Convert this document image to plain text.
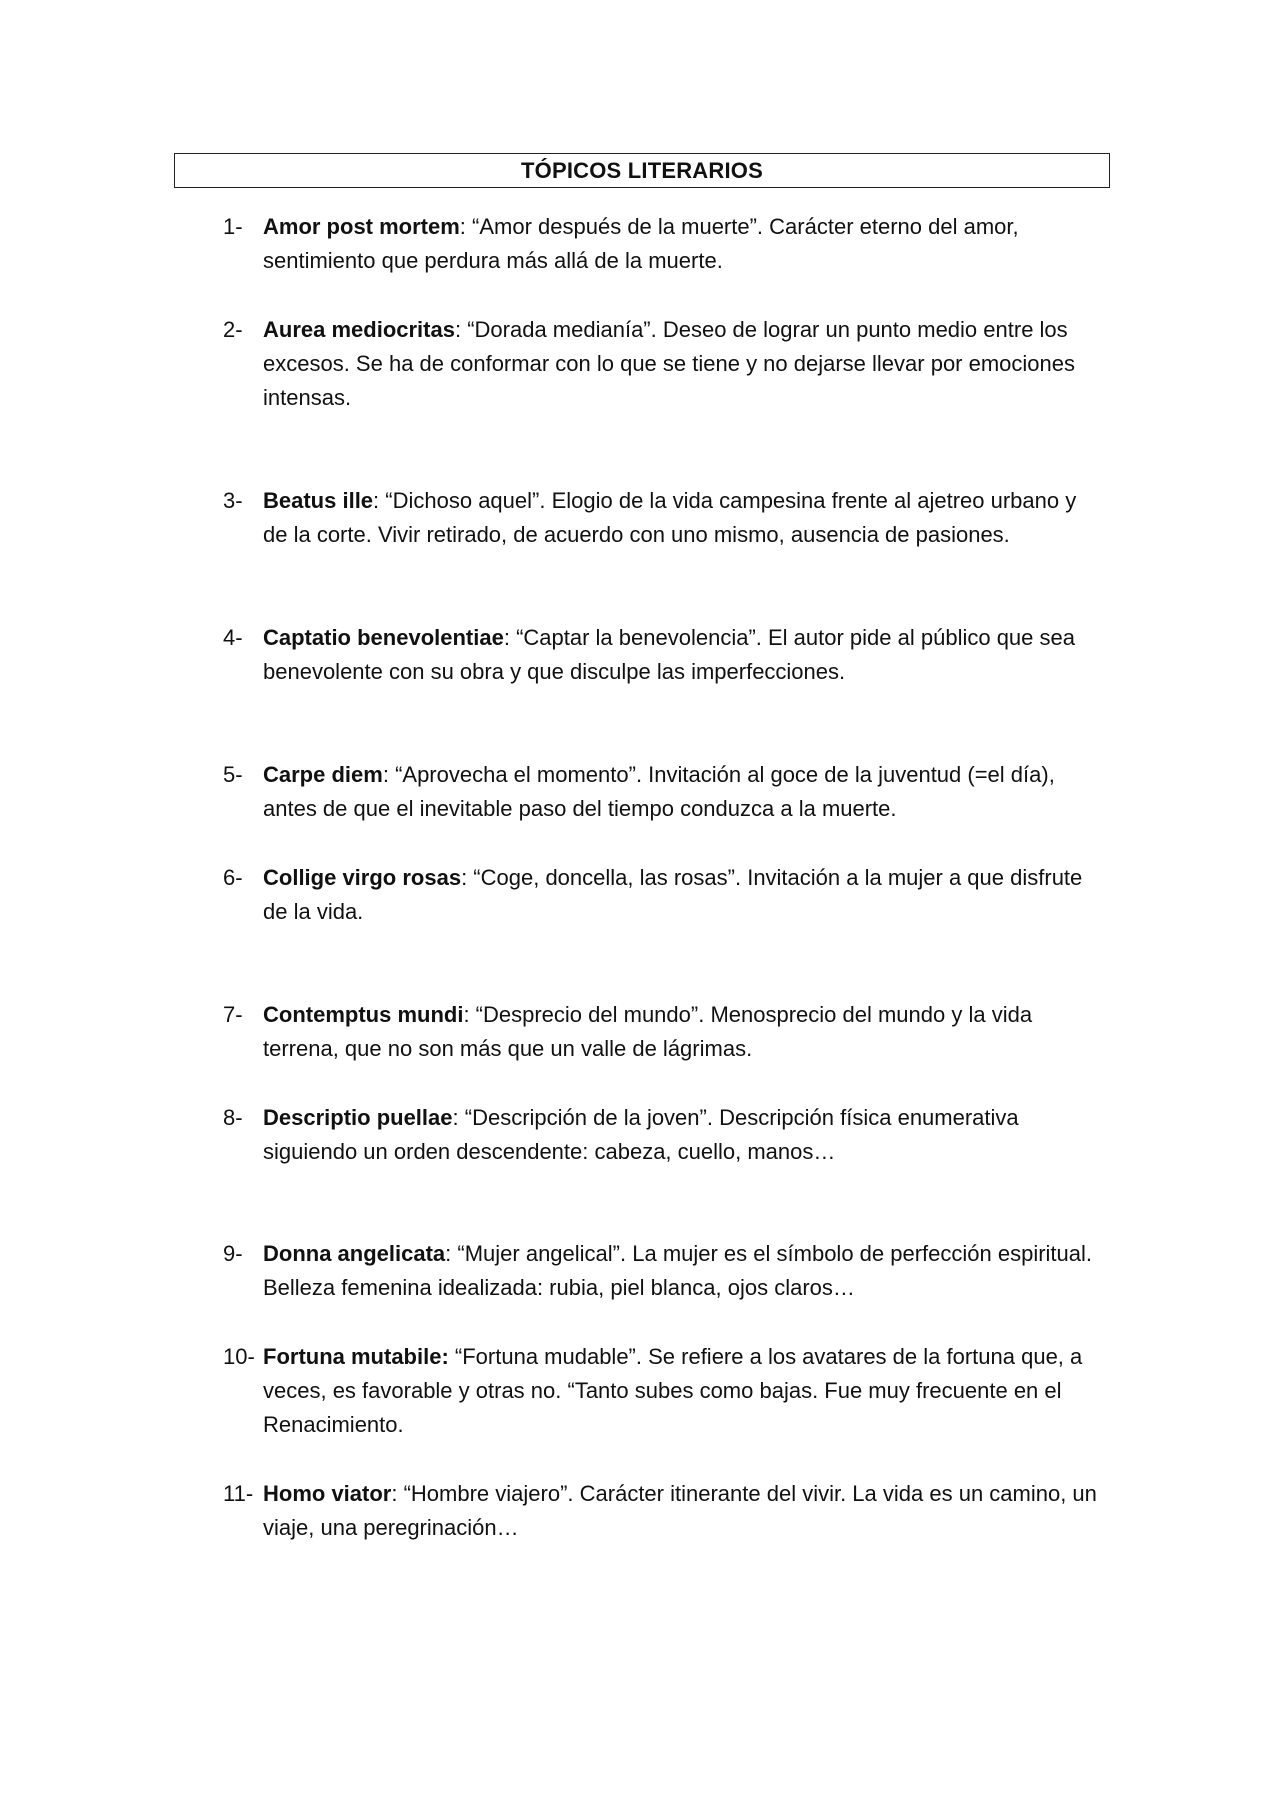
TÓPICOS LITERARIOS
1- Amor post mortem: “Amor después de la muerte”. Carácter eterno del amor, sentimiento que perdura más allá de la muerte.
2- Aurea mediocritas: “Dorada medianía”. Deseo de lograr un punto medio entre los excesos. Se ha de conformar con lo que se tiene y no dejarse llevar por emociones intensas.
3- Beatus ille: “Dichoso aquel”. Elogio de la vida campesina frente al ajetreo urbano y de la corte. Vivir retirado, de acuerdo con uno mismo, ausencia de pasiones.
4- Captatio benevolentiae: “Captar la benevolencia”. El autor pide al público que sea benevolente con su obra y que disculpe las imperfecciones.
5- Carpe diem: “Aprovecha el momento”. Invitación al goce de la juventud (=el día), antes de que el inevitable paso del tiempo conduzca a la muerte.
6- Collige virgo rosas: “Coge, doncella, las rosas”. Invitación a la mujer a que disfrute de la vida.
7- Contemptus mundi: “Desprecio del mundo”. Menosprecio del mundo y la vida terrena, que no son más que un valle de lágrimas.
8- Descriptio puellae: “Descripción de la joven”. Descripción física enumerativa siguiendo un orden descendente: cabeza, cuello, manos…
9- Donna angelicata: “Mujer angelical”. La mujer es el símbolo de perfección espiritual. Belleza femenina idealizada: rubia, piel blanca, ojos claros…
10- Fortuna mutabile: “Fortuna mudable”. Se refiere a los avatares de la fortuna que, a veces, es favorable y otras no. “Tanto subes como bajas. Fue muy frecuente en el Renacimiento.
11- Homo viator: “Hombre viajero”. Carácter itinerante del vivir. La vida es un camino, un viaje, una peregrinación…
